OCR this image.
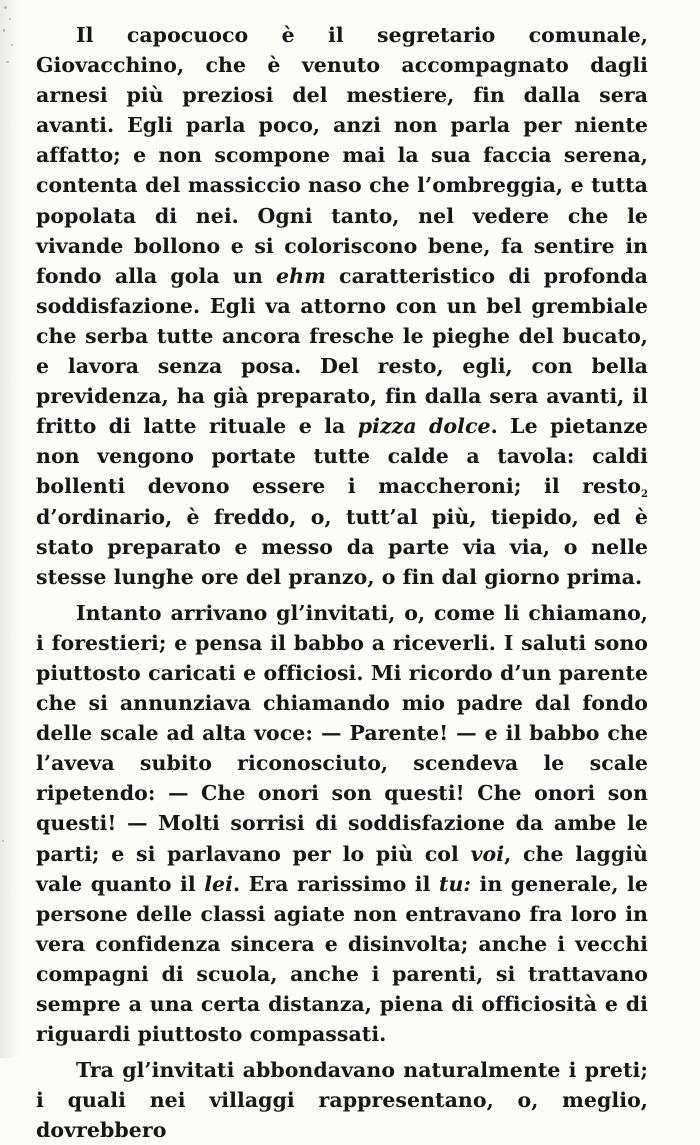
Il capocuoco è il segretario comunale, Giovacchino, che è venuto accompagnato dagli arnesi più preziosi del mestiere, fin dalla sera avanti. Egli parla poco, anzi non parla per niente affatto; e non scompone mai la sua faccia serena, contenta del massiccio naso che l’ombreggia, e tutta popolata di nei. Ogni tanto, nel vedere che le vivande bollono e si coloriscono bene, fa sentire in fondo alla gola un ehm caratteristico di profonda soddisfazione. Egli va attorno con un bel grembiale che serba tutte ancora fresche le pieghe del bucato, e lavora senza posa. Del resto, egli, con bella previdenza, ha già preparato, fin dalla sera avanti, il fritto di latte rituale e la pizza dolce. Le pietanze non vengono portate tutte calde a tavola: caldi bollenti devono essere i maccheroni; il resto$_2$ d’ordinario, è freddo, o, tutt’al più, tiepido, ed è stato preparato e messo da parte via via, o nelle stesse lunghe ore del pranzo, o fin dal giorno prima.

Intanto arrivano gl’invitati, o, come li chiamano, i forestieri; e pensa il babbo a riceverli. I saluti sono piuttosto caricati e officiosi. Mi ricordo d’un parente che si annunziava chiamando mio padre dal fondo delle scale ad alta voce: — Parente! — e il babbo che l’aveva subito riconosciuto, scendeva le scale ripetendo: — Che onori son questi! Che onori son questi! — Molti sorrisi di soddisfazione da ambe le parti; e si parlavano per lo più col voi, che laggiù vale quanto il lei. Era rarissimo il tu: in generale, le persone delle classi agiate non entravano fra loro in vera confidenza sincera e disinvolta; anche i vecchi compagni di scuola, anche i parenti, si trattavano sempre a una certa distanza, piena di officiosità e di riguardi piuttosto compassati.

Tra gl’invitati abbondavano naturalmente i preti; i quali nei villaggi rappresentano, o, meglio, dovrebbero
